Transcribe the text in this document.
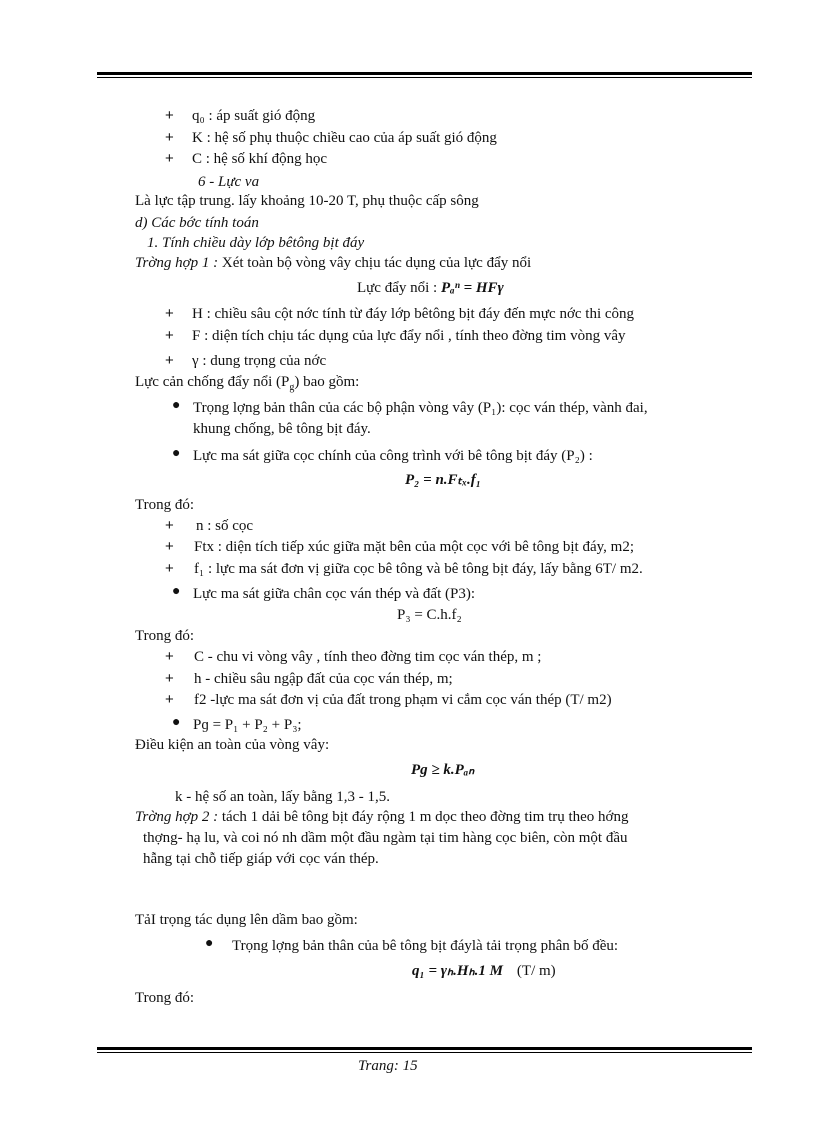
+ q₀ : áp suất gió động
+ K : hệ số phụ thuộc chiều cao của áp suất gió động
+ C : hệ số khí động học
6 - Lực va
Là lực tập trung. lấy khoảng 10-20 T, phụ thuộc cấp sông
d) Các bớc tính toán
1. Tính chiều dày lớp bêtông bịt đáy
Trờng hợp 1 : Xét toàn bộ vòng vây chịu tác dụng của lực đẩy nổi
Lực đẩy nổi : Pₐⁿ = HFγ
+ H : chiều sâu cột nớc tính từ đáy lớp bêtông bịt đáy đến mực nớc thi công
+ F : diện tích chịu tác dụng của lực đẩy nổi , tính theo đờng tim vòng vây
+ γ : dung trọng của nớc
Lực cản chống đẩy nổi $(P_g)$ bao gồm:
● Trọng lợng bản thân của các bộ phận vòng vây (P₁): cọc ván thép, vành đai,
khung chống, bê tông bịt đáy.
● Lực ma sát giữa cọc chính của công trình với bê tông bịt đáy (P₂) :
P₂ = n.Fₜₓ.f₁
Trong đó:
+ n : số cọc
+ Ftx : diện tích tiếp xúc giữa mặt bên của một cọc với bê tông bịt đáy, m2;
+ f₁ : lực ma sát đơn vị giữa cọc bê tông và bê tông bịt đáy, lấy bằng 6T/ m2.
● Lực ma sát giữa chân cọc ván thép và đất (P3):
P₃ = C.h.f₂
Trong đó:
+ C - chu vi vòng vây , tính theo đờng tim cọc ván thép, m ;
+ h - chiều sâu ngập đất của cọc ván thép, m;
+ f2 -lực ma sát đơn vị của đất trong phạm vi cắm cọc ván thép (T/ m2)
● Pɡ = P₁ + P₂ + P₃;
Điều kiện an toàn của vòng vây:
Pɡ ≥ k.Pₐₙ
k - hệ số an toàn, lấy bằng 1,3 - 1,5.
Trờng hợp 2 : tách 1 dải bê tông bịt đáy rộng 1 m dọc theo đờng tim trụ theo hớng
thợng- hạ lu, và coi nó nh dầm một đầu ngàm tại tim hàng cọc biên, còn một đầu
hẫng tại chỗ tiếp giáp với cọc ván thép.
TảI trọng tác dụng lên dầm bao gồm:
● Trọng lợng bản thân của bê tông bịt đáylà tải trọng phân bố đều:
q₁ = γₕ.Hₕ.1 M (T/ m)
Trong đó:
Trang: 15
